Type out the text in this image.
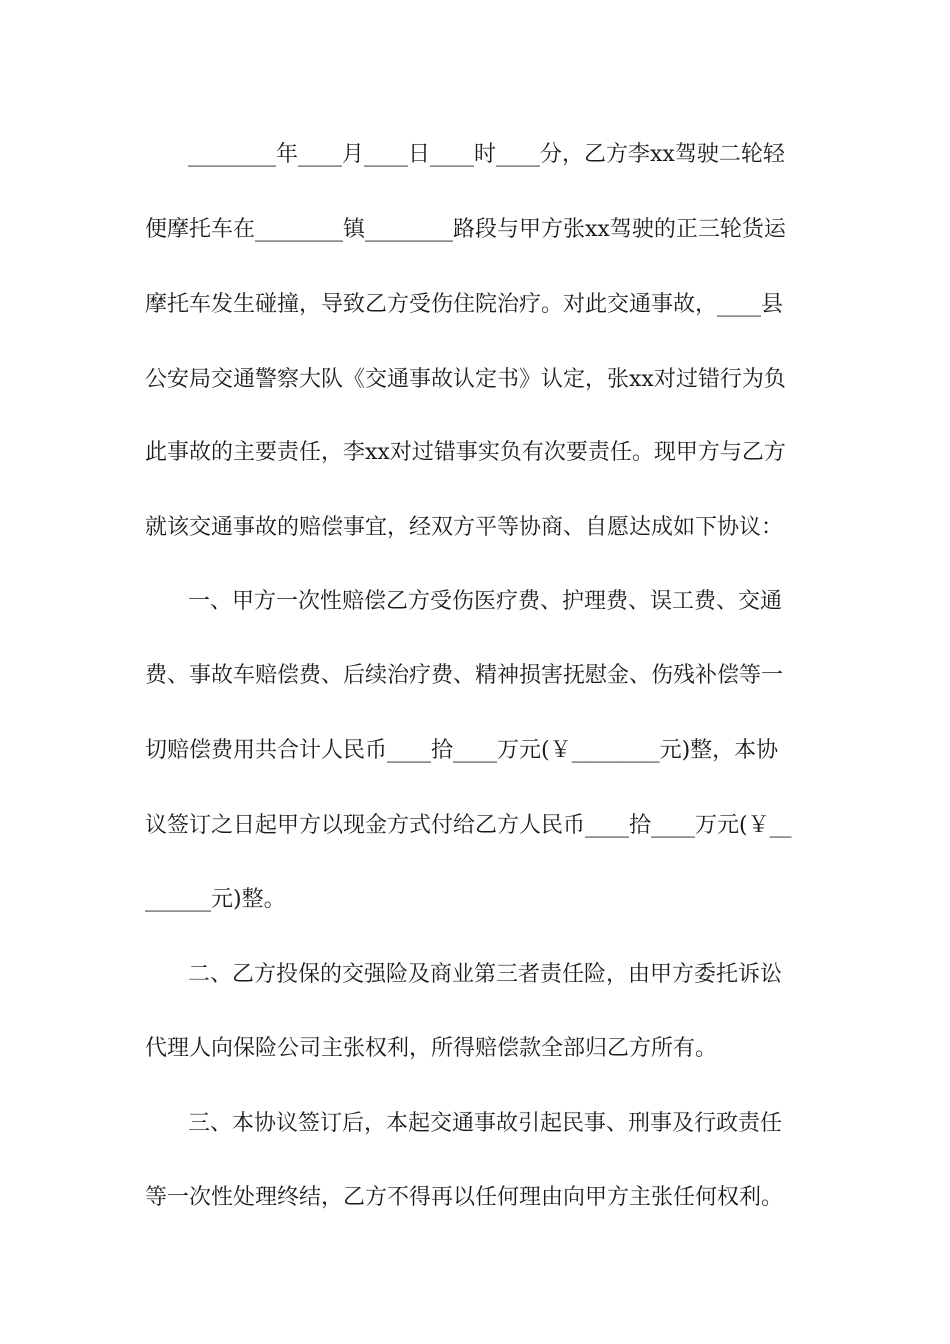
________年____月____日____时____分，乙方李xx驾驶二轮轻
便摩托车在________镇________路段与甲方张xx驾驶的正三轮货运
摩托车发生碰撞，导致乙方受伤住院治疗。对此交通事故，____县
公安局交通警察大队《交通事故认定书》认定，张xx对过错行为负
此事故的主要责任，李xx对过错事实负有次要责任。现甲方与乙方
就该交通事故的赔偿事宜，经双方平等协商、自愿达成如下协议：
一、甲方一次性赔偿乙方受伤医疗费、护理费、误工费、交通
费、事故车赔偿费、后续治疗费、精神损害抚慰金、伤残补偿等一
切赔偿费用共合计人民币____拾____万元(￥________元)整，本协
议签订之日起甲方以现金方式付给乙方人民币____拾____万元(￥__
______元)整。
二、乙方投保的交强险及商业第三者责任险，由甲方委托诉讼
代理人向保险公司主张权利，所得赔偿款全部归乙方所有。
三、本协议签订后，本起交通事故引起民事、刑事及行政责任
等一次性处理终结，乙方不得再以任何理由向甲方主张任何权利。
